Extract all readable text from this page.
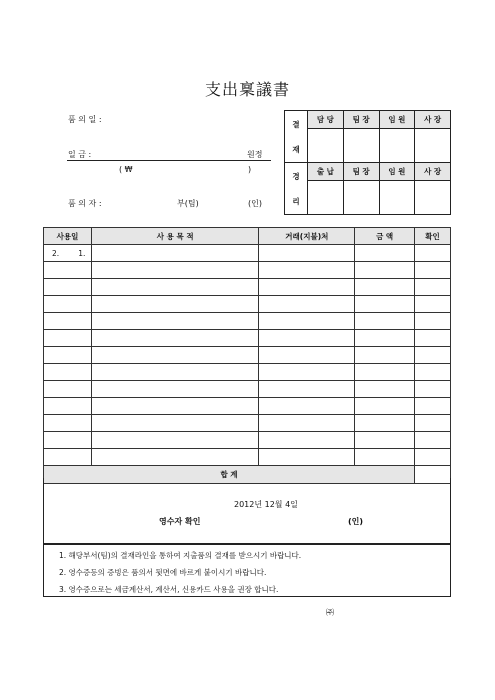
支出稟議書
품 의 일 :
일 금 :	원정
( ₩	)
품 의 자 :	부(팀)	(인)
결
재	담 당	팀 장	임 원	사 장

경
리	출 납	팀 장	임 원	사 장

사용일	사 용 목 적	거래(지불)처	금 액	확인
2.        1.				

합 계				
2012년 12월 4일
영수자 확인	(인)
1. 해당부서(팀)의 결재라인을 통하여 지출품의 결재를 받으시기 바랍니다.
2. 영수증등의 증빙은 품의서 뒷면에 바르게 붙이시기 바랍니다.
3. 영수증으로는 세금계산서, 계산서, 신용카드 사용을 권장 합니다.
㈜
